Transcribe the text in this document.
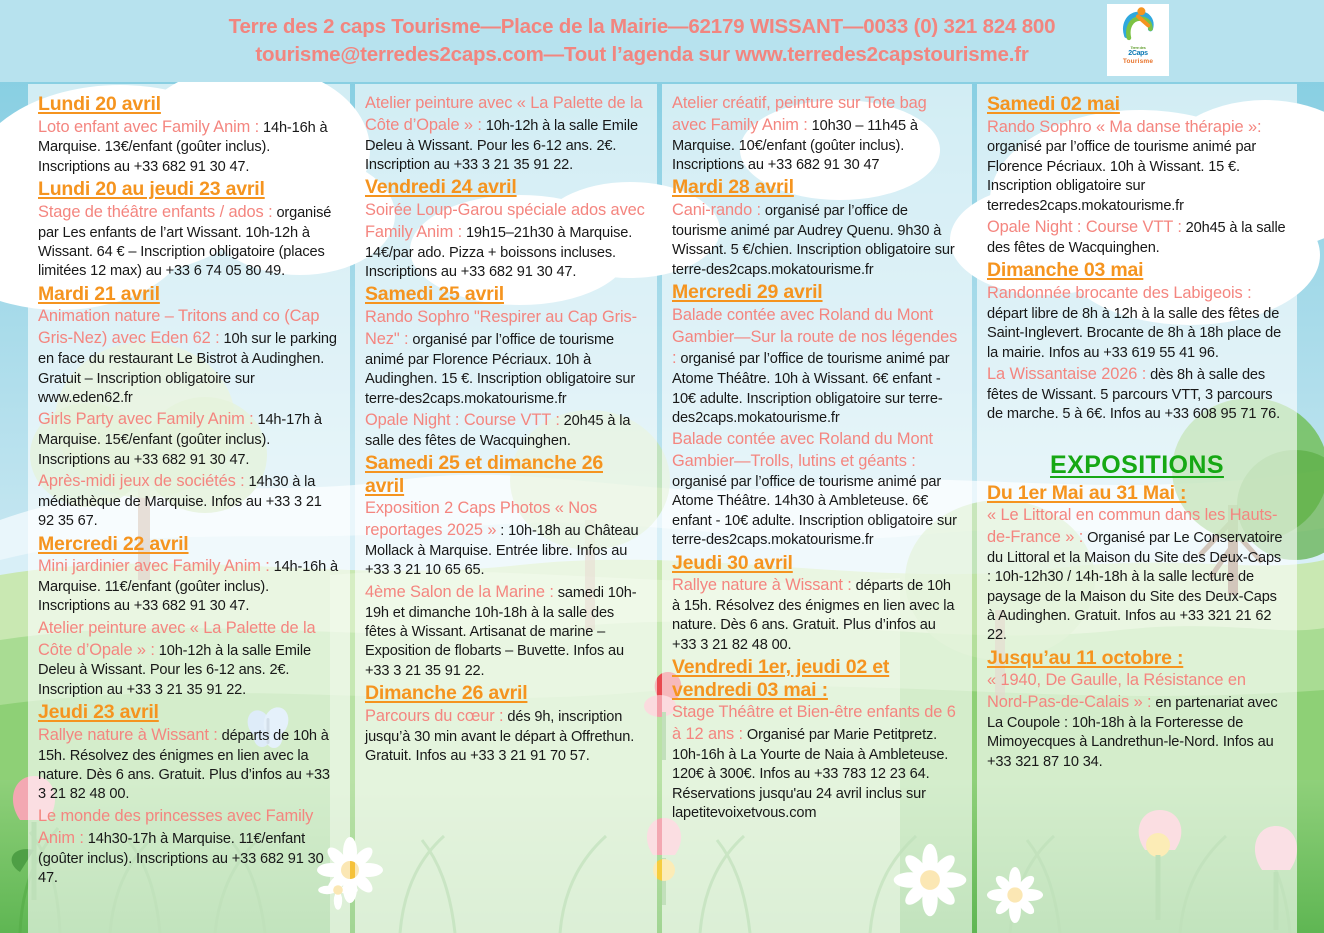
Terre des 2 caps Tourisme—Place de la Mairie—62179 WISSANT—0033 (0) 321 824 800
tourisme@terredes2caps.com—Tout l’agenda sur www.terredes2capstourisme.fr	Terre des
2Caps
Tourisme
Lundi 20 avril

Loto enfant avec Family Anim : 14h-16h à Marquise. 13€/enfant (goûter inclus). Inscriptions au +33 682 91 30 47.

Lundi 20 au jeudi 23 avril

Stage de théâtre enfants / ados : organisé par Les enfants de l’art Wissant. 10h-12h à Wissant. 64 € – Inscription obligatoire (places limitées 12 max) au +33 6 74 05 80 49.

Mardi 21 avril

Animation nature – Tritons and co (Cap Gris-Nez) avec Eden 62 : 10h sur le parking en face du restaurant Le Bistrot à Audinghen. Gratuit – Inscription obligatoire sur www.eden62.fr

Girls Party avec Family Anim : 14h-17h à Marquise. 15€/enfant (goûter inclus). Inscriptions au +33 682 91 30 47.

Après-midi jeux de sociétés : 14h30 à la médiathèque de Marquise. Infos au +33 3 21 92 35 67.

Mercredi 22 avril

Mini jardinier avec Family Anim : 14h-16h à Marquise. 11€/enfant (goûter inclus). Inscriptions au +33 682 91 30 47.

Atelier peinture avec « La Palette de la Côte d’Opale » : 10h-12h à la salle Emile Deleu à Wissant. Pour les 6-12 ans. 2€. Inscription au +33 3 21 35 91 22.

Jeudi 23 avril

Rallye nature à Wissant : départs de 10h à 15h. Résolvez des énigmes en lien avec la nature. Dès 6 ans. Gratuit. Plus d’infos au +33 3 21 82 48 00.

Le monde des princesses avec Family Anim : 14h30-17h à Marquise. 11€/enfant (goûter inclus). Inscriptions au +33 682 91 30 47.

Atelier peinture avec « La Palette de la Côte d’Opale » : 10h-12h à la salle Emile Deleu à Wissant. Pour les 6-12 ans. 2€. Inscription au +33 3 21 35 91 22.

Vendredi 24 avril

Soirée Loup-Garou spéciale ados avec Family Anim : 19h15–21h30 à Marquise. 14€/par ado. Pizza + boissons incluses. Inscriptions au +33 682 91 30 47.

Samedi 25 avril

Rando Sophro "Respirer au Cap Gris-Nez" : organisé par l’office de tourisme animé par Florence Pécriaux. 10h à Audinghen. 15 €. Inscription obligatoire sur terre-des2caps.mokatourisme.fr

Opale Night : Course VTT : 20h45 à la salle des fêtes de Wacquinghen.

Samedi 25 et dimanche 26 avril

Exposition 2 Caps Photos « Nos reportages 2025 » : 10h-18h au Château Mollack à Marquise. Entrée libre. Infos au +33 3 21 10 65 65.

4ème Salon de la Marine : samedi 10h-19h et dimanche 10h-18h à la salle des fêtes à Wissant. Artisanat de marine – Exposition de flobarts – Buvette. Infos au +33 3 21 35 91 22.

Dimanche 26 avril

Parcours du cœur : dés 9h, inscription jusqu’à 30 min avant le départ à Offrethun. Gratuit. Infos au +33 3 21 91 70 57.

Atelier créatif, peinture sur Tote bag avec Family Anim : 10h30 – 11h45 à Marquise. 10€/enfant (goûter inclus). Inscriptions au +33 682 91 30 47

Mardi 28 avril

Cani-rando : organisé par l’office de tourisme animé par Audrey Quenu. 9h30 à Wissant. 5 €/chien. Inscription obligatoire sur terre-des2caps.mokatourisme.fr

Mercredi 29 avril

Balade contée avec Roland du Mont Gambier—Sur la route de nos légendes : organisé par l’office de tourisme animé par Atome Théâtre. 10h à Wissant. 6€ enfant - 10€ adulte. Inscription obligatoire sur terre-des2caps.mokatourisme.fr

Balade contée avec Roland du Mont Gambier—Trolls, lutins et géants : organisé par l’office de tourisme animé par Atome Théâtre. 14h30 à Ambleteuse. 6€ enfant - 10€ adulte. Inscription obligatoire sur terre-des2caps.mokatourisme.fr

Jeudi 30 avril

Rallye nature à Wissant : départs de 10h à 15h. Résolvez des énigmes en lien avec la nature. Dès 6 ans. Gratuit. Plus d’infos au +33 3 21 82 48 00.

Vendredi 1er, jeudi 02 et vendredi 03 mai :

Stage Théâtre et Bien-être enfants de 6 à 12 ans : Organisé par Marie Petitpretz. 10h-16h à La Yourte de Naia à Ambleteuse. 120€ à 300€. Infos au +33 783 12 23 64. Réservations jusqu'au 24 avril inclus sur lapetitevoixetvous.com

Samedi 02 mai

Rando Sophro « Ma danse thérapie »: organisé par l’office de tourisme animé par Florence Pécriaux. 10h à Wissant. 15 €. Inscription obligatoire sur terredes2caps.mokatourisme.fr

Opale Night : Course VTT : 20h45 à la salle des fêtes de Wacquinghen.

Dimanche 03 mai

Randonnée brocante des Labigeois : départ libre de 8h à 12h à la salle des fêtes de Saint-Inglevert. Brocante de 8h à 18h place de la mairie. Infos au +33 619 55 41 96.

La Wissantaise 2026 : dès 8h à salle des fêtes de Wissant. 5 parcours VTT, 3 parcours de marche. 5 à 6€. Infos au +33 608 95 71 76.

EXPOSITIONS
Du 1er Mai au 31 Mai :

« Le Littoral en commun dans les Hauts-de-France » : Organisé par Le Conservatoire du Littoral et la Maison du Site des Deux-Caps : 10h-12h30 / 14h-18h à la salle lecture de paysage de la Maison du Site des Deux-Caps à Audinghen. Gratuit. Infos au +33 321 21 62 22.

Jusqu’au 11 octobre :

« 1940, De Gaulle, la Résistance en Nord-Pas-de-Calais » : en partenariat avec La Coupole : 10h-18h à la Forteresse de Mimoyecques à Landrethun-le-Nord. Infos au +33 321 87 10 34.
